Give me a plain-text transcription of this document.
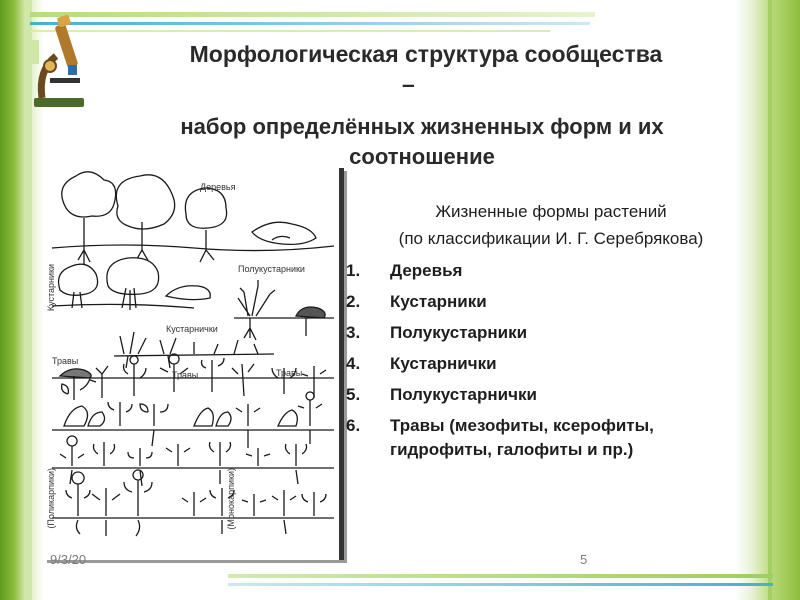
Морфологическая структура сообщества
–
набор определённых жизненных форм и их соотношение
Деревья
Полукустарники
Кустарники
Кустарнички
Травы
Травы	Травы
(Поликарпики)	(Монокарпики)

Жизненные формы растений

(по классификации И. Г. Серебрякова)

1.	Деревья
2.	Кустарники
3.	Полукустарники
4.	Кустарнички
5.	Полукустарнички
6.	Травы (мезофиты, ксерофиты, гидрофиты, галофиты и пр.)
9/3/20	5
